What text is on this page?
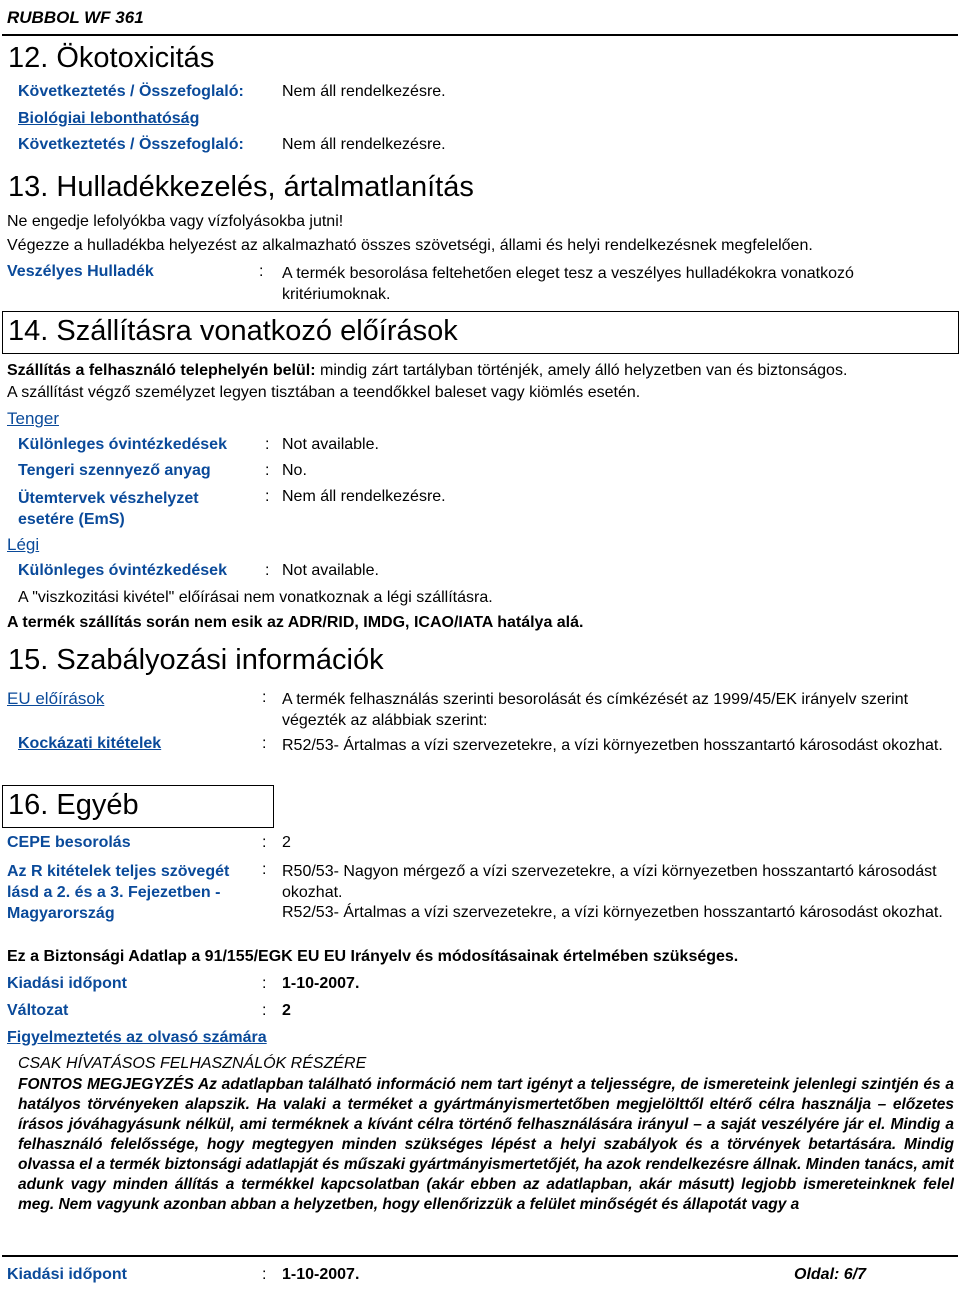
RUBBOL WF 361
12. Ökotoxicitás
Következtetés / Összefoglaló: Nem áll rendelkezésre.
Biológiai lebonthatóság
Következtetés / Összefoglaló: Nem áll rendelkezésre.
13. Hulladékkezelés, ártalmatlanítás
Ne engedje lefolyókba vagy vízfolyásokba jutni!
Végezze a hulladékba helyezést az alkalmazható összes szövetségi, állami és helyi rendelkezésnek megfelelően.
Veszélyes Hulladék	: A termék besorolása feltehetően eleget tesz a veszélyes hulladékokra vonatkozó kritériumoknak.
14. Szállításra vonatkozó előírások
Szállítás a felhasználó telephelyén belül: mindig zárt tartályban történjék, amely álló helyzetben van és biztonságos.
A szállítást végző személyzet legyen tisztában a teendőkkel baleset vagy kiömlés esetén.
Tenger
Különleges óvintézkedések : Not available.
Tengeri szennyező anyag	: No.
Ütemtervek vészhelyzet esetére (EmS)
: Nem áll rendelkezésre.
Légi
Különleges óvintézkedések : Not available.
A "viszkozitási kivétel" előírásai nem vonatkoznak a légi szállításra.
A termék szállítás során nem esik az ADR/RID, IMDG, ICAO/IATA hatálya alá.
15. Szabályozási információk
EU előírások	: A termék felhasználás szerinti besorolását és címkézését az 1999/45/EK irányelv szerint végezték az alábbiak szerint:
Kockázati kitételek	: R52/53- Ártalmas a vízi szervezetekre, a vízi környezetben hosszantartó károsodást okozhat.
16. Egyéb
CEPE besorolás	: 2
Az R kitételek teljes szövegét lásd a 2. és a 3. Fejezetben - Magyarország
: R50/53- Nagyon mérgező a vízi szervezetekre, a vízi környezetben hosszantartó károsodást okozhat.
R52/53- Ártalmas a vízi szervezetekre, a vízi környezetben hosszantartó károsodást okozhat.
Ez a Biztonsági Adatlap a 91/155/EGK EU EU Irányelv és módosításainak értelmében szükséges.
Kiadási időpont	: 1-10-2007.
Változat	: 2
Figyelmeztetés az olvasó számára
CSAK HÍVATÁSOS FELHASZNÁLÓK RÉSZÉRE
FONTOS MEGJEGYZÉS Az adatlapban található információ nem tart igényt a teljességre, de ismereteink jelenlegi szintjén és a hatályos törvényeken alapszik. Ha valaki a terméket a gyártmányismertetőben megjelölttől eltérő célra használja – előzetes írásos jóváhagyásunk nélkül, ami terméknek a kívánt célra történő felhasználására irányul – a saját veszélyére jár el. Mindig a felhasználó felelőssége, hogy megtegyen minden szükséges lépést a helyi szabályok és a törvények betartására. Mindig olvassa el a termék biztonsági adatlapját és műszaki gyártmányismertetőjét, ha azok rendelkezésre állnak. Minden tanács, amit adunk vagy minden állítás a termékkel kapcsolatban (akár ebben az adatlapban, akár másutt) legjobb ismereteinknek felel meg. Nem vagyunk azonban abban a helyzetben, hogy ellenőrizzük a felület minőségét és állapotát vagy a
Kiadási időpont	: 1-10-2007.	Oldal: 6/7
